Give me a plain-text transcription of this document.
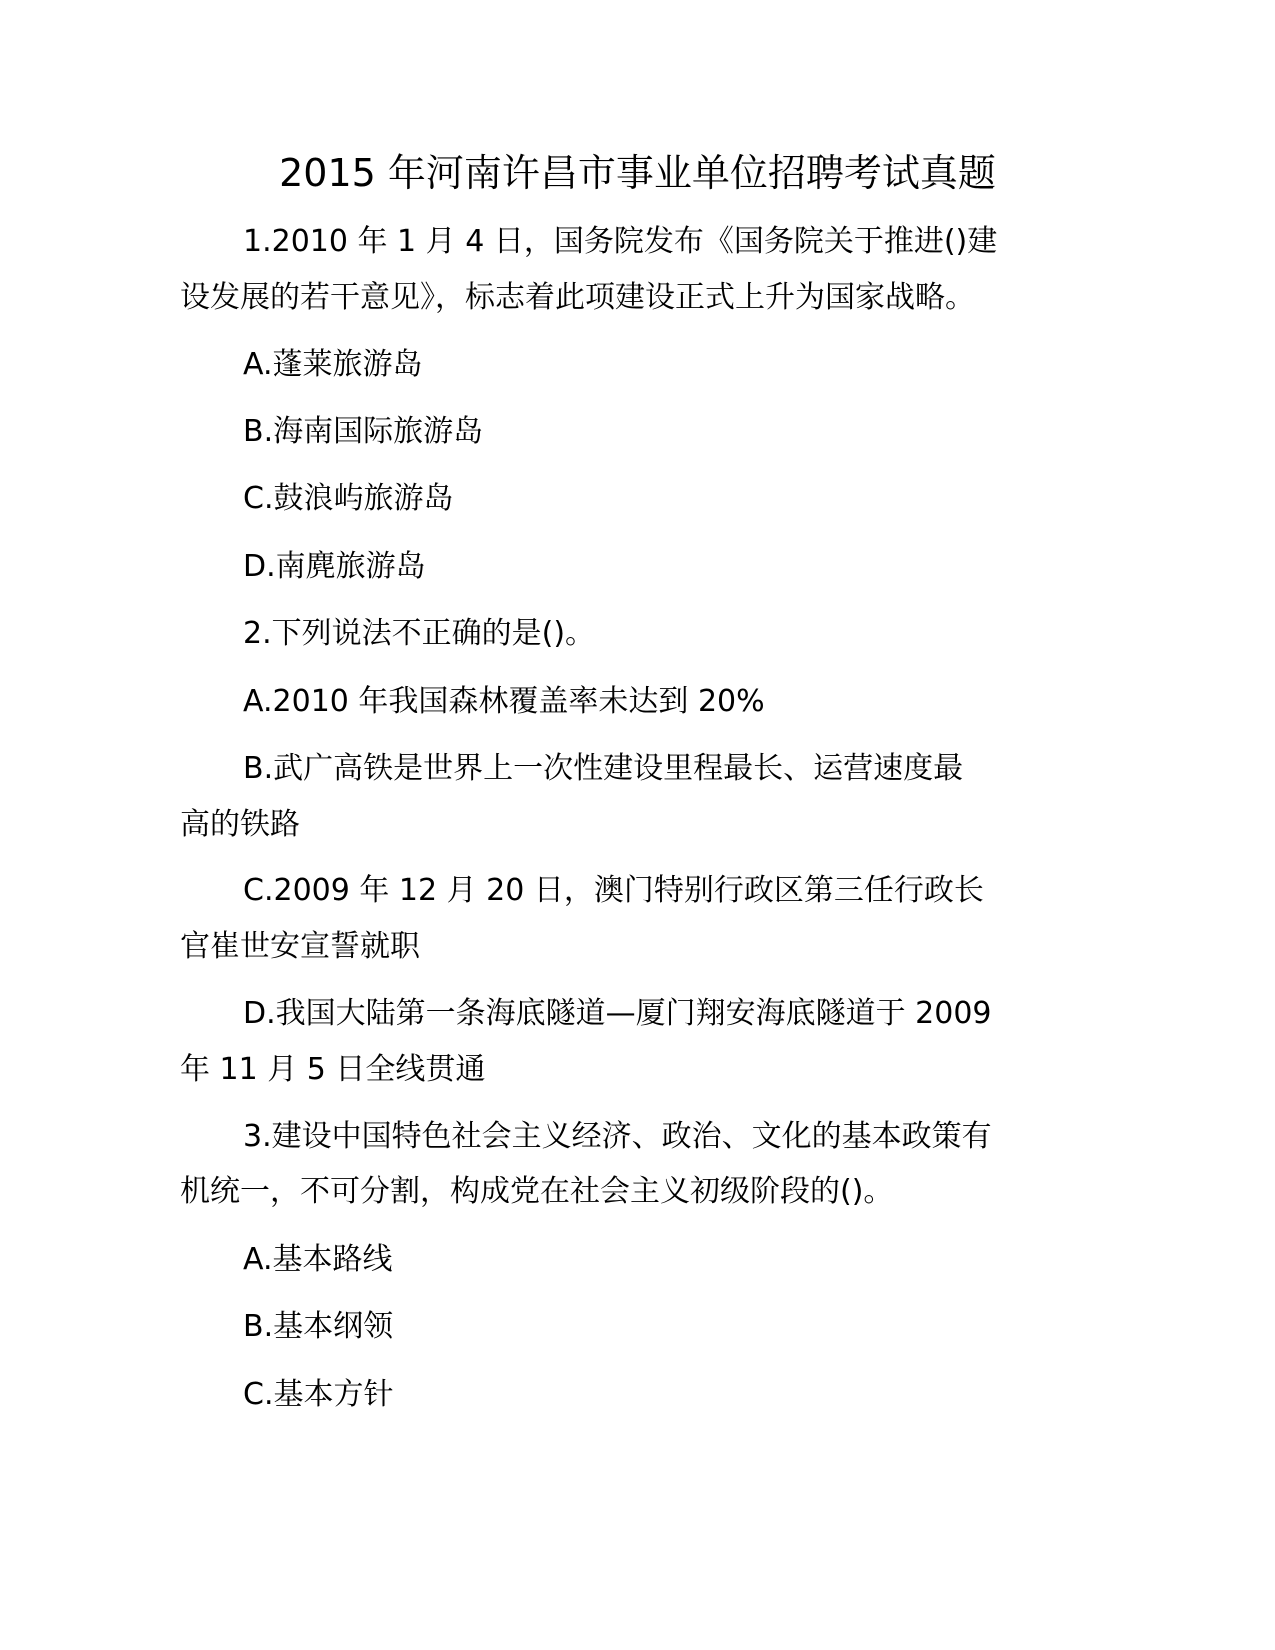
2015 年河南许昌市事业单位招聘考试真题
1.2010 年 1 月 4 日，国务院发布《国务院关于推进()建
设发展的若干意见》，标志着此项建设正式上升为国家战略。
A.蓬莱旅游岛
B.海南国际旅游岛
C.鼓浪屿旅游岛
D.南麂旅游岛
2.下列说法不正确的是()。
A.2010 年我国森林覆盖率未达到 20%
B.武广高铁是世界上一次性建设里程最长、运营速度最
高的铁路
C.2009 年 12 月 20 日，澳门特别行政区第三任行政长
官崔世安宣誓就职
D.我国大陆第一条海底隧道—厦门翔安海底隧道于 2009
年 11 月 5 日全线贯通
3.建设中国特色社会主义经济、政治、文化的基本政策有
机统一，不可分割，构成党在社会主义初级阶段的()。
A.基本路线
B.基本纲领
C.基本方针
